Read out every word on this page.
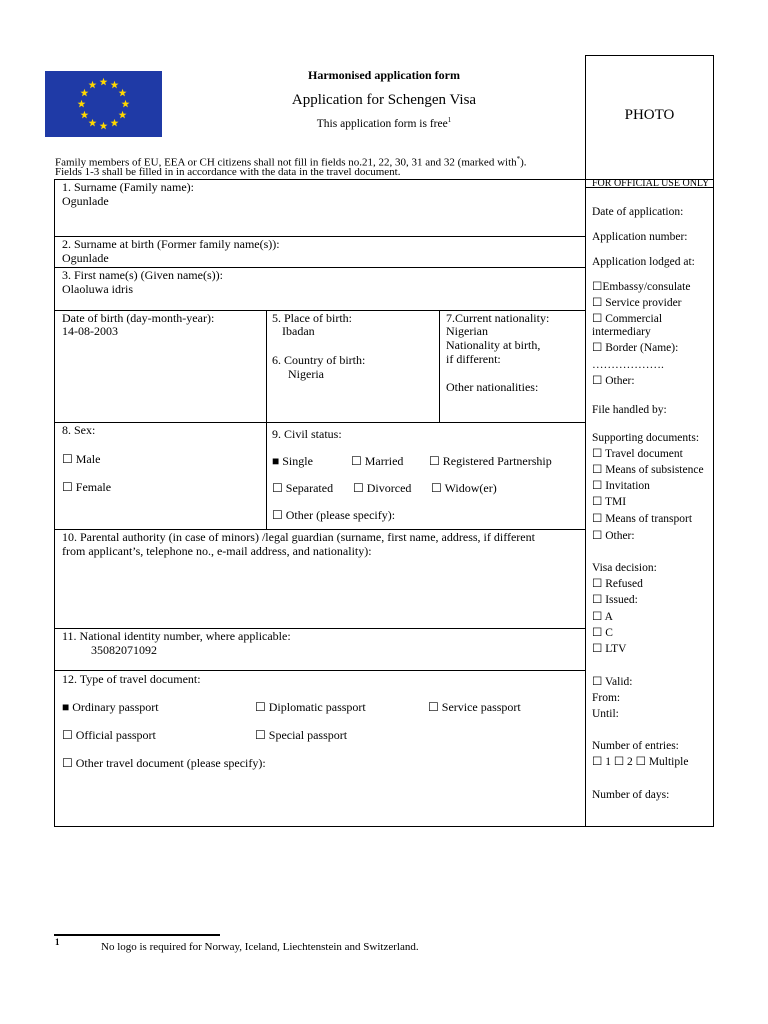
Harmonised application form
Application for Schengen Visa
This application form is free$^1$	PHOTO
Family members of EU, EEA or CH citizens shall not fill in fields no.21, 22, 30, 31 and 32 (marked with*).
Fields 1-3 shall be filled in in accordance with the data in the travel document.
1. Surname (Family name):
Ogunlade
2. Surname at birth (Former family name(s)):
Ogunlade
3. First name(s) (Given name(s)):
Olaoluwa idris
Date of birth (day-month-year):
14-08-2003
5. Place of birth:
Ibadan
6. Country of birth:
Nigeria
7.Current nationality:
Nigerian
Nationality at birth,
if different:
Other nationalities:
8. Sex:
☐ Male
☐ Female
9. Civil status:
■ Single	☐ Married ☐ Registered Partnership
☐ Separated ☐ Divorced ☐ Widow(er)
☐ Other (please specify):
10. Parental authority (in case of minors) /legal guardian (surname, first name, address, if different
from applicant’s, telephone no., e-mail address, and nationality):
11. National identity number, where applicable:
35082071092
12. Type of travel document:
■ Ordinary passport	☐ Diplomatic passport	☐ Service passport
☐ Official passport	☐ Special passport
☐ Other travel document (please specify):
FOR OFFICIAL USE ONLY
Date of application:
Application number:
Application lodged at:
☐Embassy/consulate
☐ Service provider
☐ Commercial
intermediary
☐ Border (Name):
……………….
☐ Other:
File handled by:
Supporting documents:
☐ Travel document
☐ Means of subsistence
☐ Invitation
☐ TMI
☐ Means of transport
☐ Other:
Visa decision:
☐ Refused
☐ Issued:
☐ A
☐ C
☐ LTV
☐ Valid:
From:
Until:
Number of entries:
☐ 1 ☐ 2 ☐ Multiple
Number of days:
1	No logo is required for Norway, Iceland, Liechtenstein and Switzerland.
